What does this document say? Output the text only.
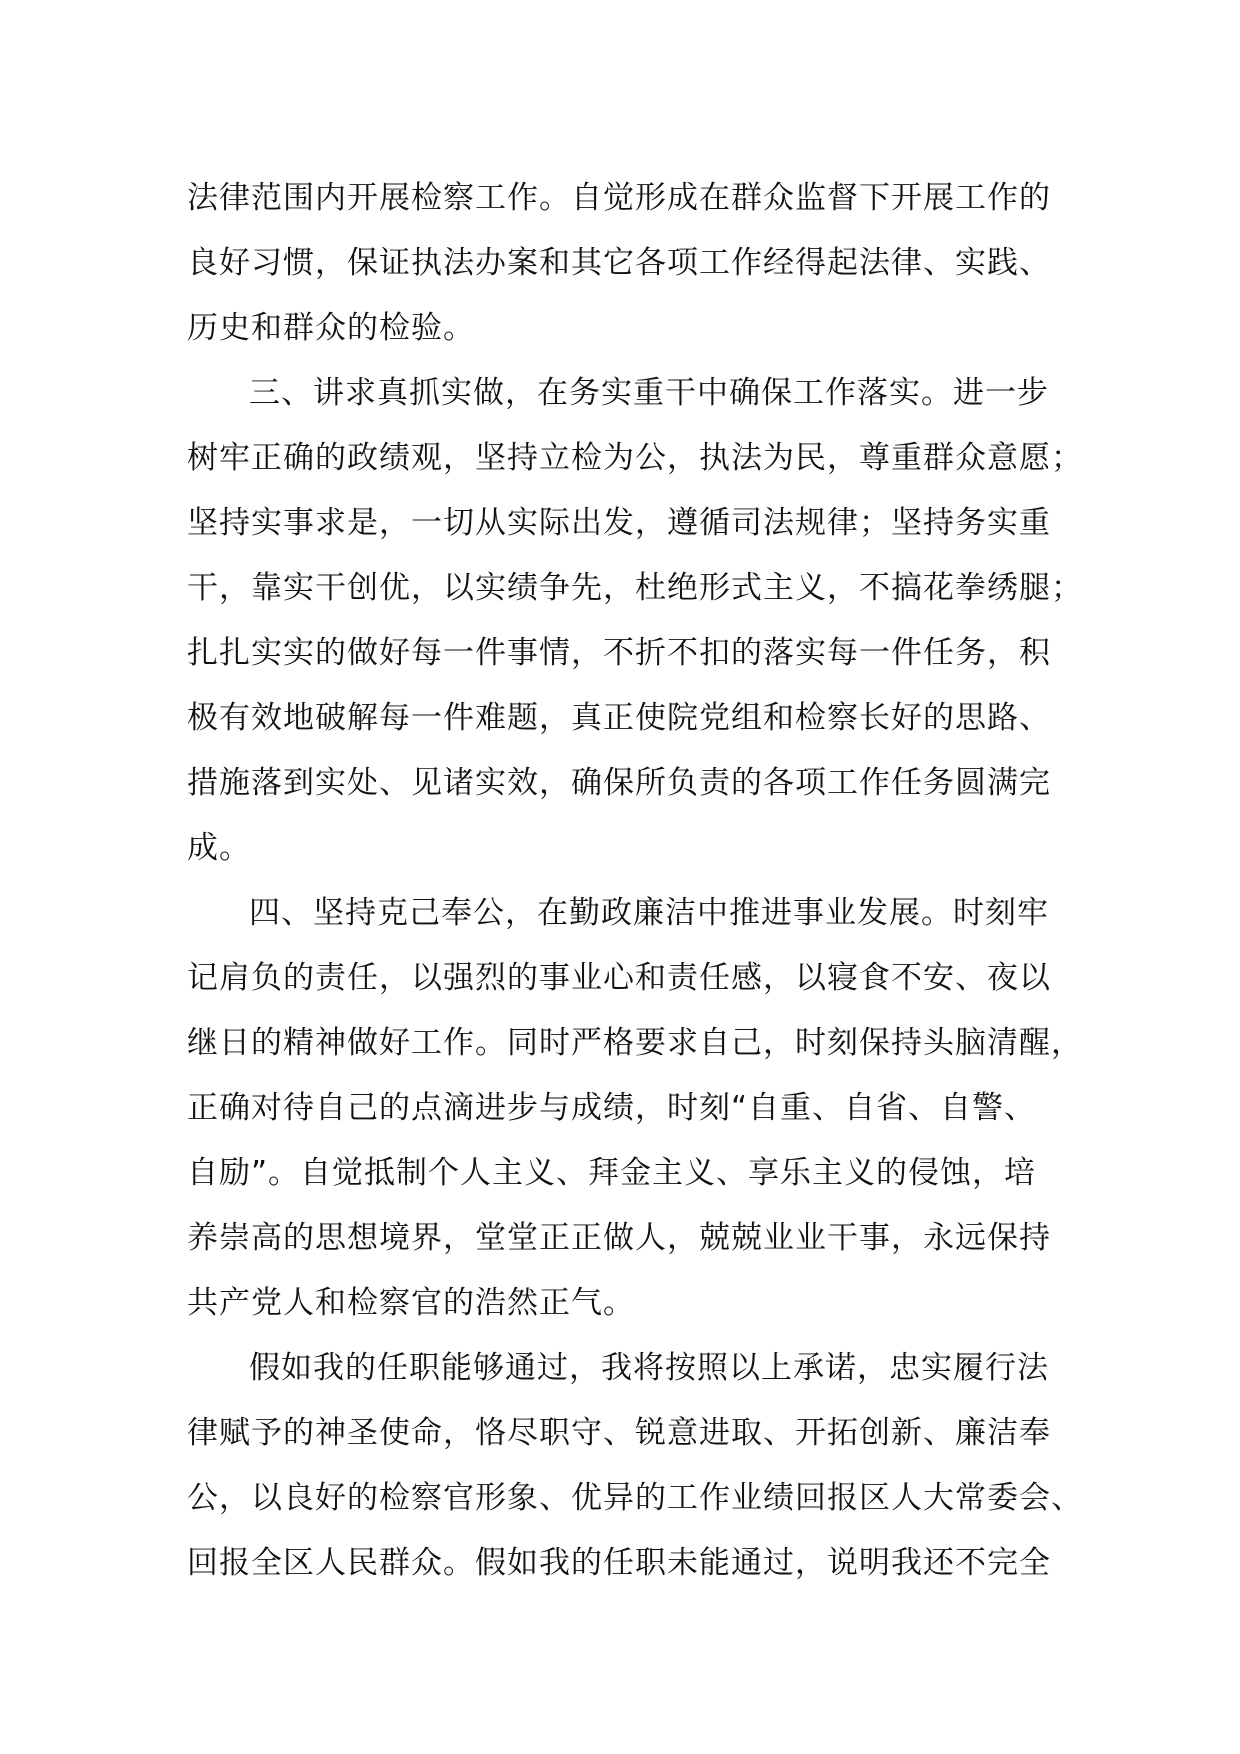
法律范围内开展检察工作。自觉形成在群众监督下开展工作的
良好习惯，保证执法办案和其它各项工作经得起法律、实践、
历史和群众的检验。
三、讲求真抓实做，在务实重干中确保工作落实。进一步
树牢正确的政绩观，坚持立检为公，执法为民，尊重群众意愿；
坚持实事求是，一切从实际出发，遵循司法规律；坚持务实重
干，靠实干创优，以实绩争先，杜绝形式主义，不搞花拳绣腿；
扎扎实实的做好每一件事情，不折不扣的落实每一件任务，积
极有效地破解每一件难题，真正使院党组和检察长好的思路、
措施落到实处、见诸实效，确保所负责的各项工作任务圆满完
成。
四、坚持克己奉公，在勤政廉洁中推进事业发展。时刻牢
记肩负的责任，以强烈的事业心和责任感，以寝食不安、夜以
继日的精神做好工作。同时严格要求自己，时刻保持头脑清醒，
正确对待自己的点滴进步与成绩，时刻“自重、自省、自警、
自励”。自觉抵制个人主义、拜金主义、享乐主义的侵蚀，培
养崇高的思想境界，堂堂正正做人，兢兢业业干事，永远保持
共产党人和检察官的浩然正气。
假如我的任职能够通过，我将按照以上承诺，忠实履行法
律赋予的神圣使命，恪尽职守、锐意进取、开拓创新、廉洁奉
公，以良好的检察官形象、优异的工作业绩回报区人大常委会、
回报全区人民群众。假如我的任职未能通过，说明我还不完全
